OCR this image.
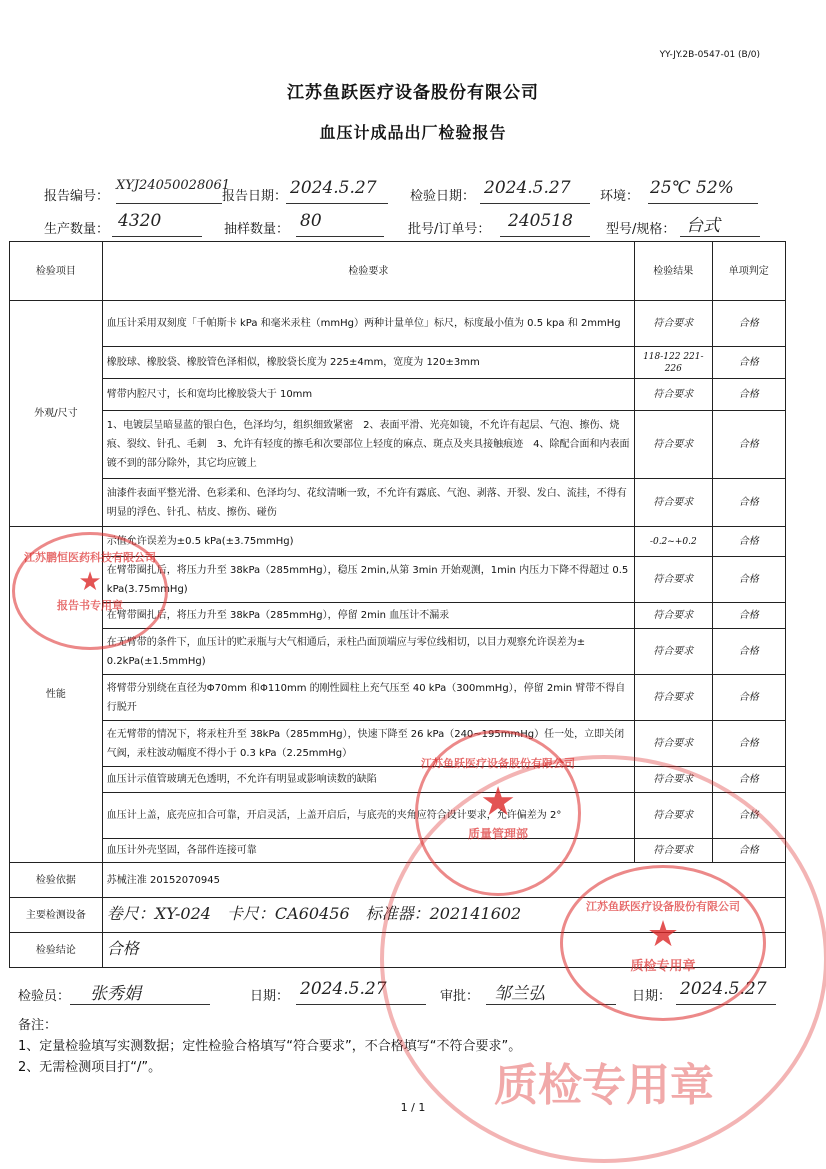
YY-JY.2B-0547-01 (B/0)
江苏鱼跃医疗设备股份有限公司
血压计成品出厂检验报告
报告编号：
XYJ24050028061
报告日期： 2024.5.27	检验日期： 2024.5.27 环境： 25℃ 52%
生产数量： 4320	抽样数量： 80	批号/订单号： 240518	型号/规格： 台式
检验项目	检验要求	检验结果	单项判定
外观/尺寸	血压计采用双刻度「千帕斯卡 kPa 和毫米汞柱（mmHg）两种计量单位」标尺，标度最小值为 0.5 kpa 和 2mmHg	符合要求	合格
	橡胶球、橡胶袋、橡胶管色泽相似，橡胶袋长度为 225±4mm，宽度为 120±3mm	118-122 221-226	合格
	臂带内腔尺寸，长和宽均比橡胶袋大于 10mm	符合要求	合格
	1、电镀层呈暗显蓝的银白色，色泽均匀，组织细致紧密　2、表面平滑、光亮如镜，不允许有起层、气泡、擦伤、烧痕、裂纹、针孔、毛刺　3、允许有轻度的擦毛和次要部位上轻度的麻点、斑点及夹具接触痕迹　4、除配合面和内表面镀不到的部分除外，其它均应镀上	符合要求	合格
	油漆件表面平整光滑、色彩柔和、色泽均匀、花纹清晰一致，不允许有露底、气泡、剥落、开裂、发白、流挂，不得有明显的浮色、针孔、桔皮、擦伤、碰伤	符合要求	合格
性能	示值允许误差为±0.5 kPa(±3.75mmHg)	-0.2~+0.2	合格
	在臂带圈扎后，将压力升至 38kPa（285mmHg），稳压 2min,从第 3min 开始观测，1min 内压力下降不得超过 0.5 kPa(3.75mmHg)	符合要求	合格
	在臂带圈扎后，将压力升至 38kPa（285mmHg），停留 2min 血压计不漏汞	符合要求	合格
	在无臂带的条件下，血压计的贮汞瓶与大气相通后，汞柱凸面顶端应与零位线相切，以目力观察允许误差为± 0.2kPa(±1.5mmHg)	符合要求	合格
	将臂带分别绕在直径为Φ70mm 和Φ110mm 的刚性圆柱上充气压至 40 kPa（300mmHg），停留 2min 臂带不得自行脱开	符合要求	合格
	在无臂带的情况下，将汞柱升至 38kPa（285mmHg），快速下降至 26 kPa（240~195mmHg）任一处，立即关闭气阀，汞柱波动幅度不得小于 0.3 kPa（2.25mmHg）	符合要求	合格
	血压计示值管玻璃无色透明，不允许有明显或影响读数的缺陷	符合要求	合格
	血压计上盖，底壳应扣合可靠，开启灵活，上盖开启后，与底壳的夹角应符合设计要求，允许偏差为 2°	符合要求	合格
	血压计外壳坚固，各部件连接可靠	符合要求	合格
检验依据	苏械注准 20152070945		
主要检测设备	卷尺：XY-024　卡尺：CA60456　标准器：202141602		
检验结论	合格		
检验员： 张秀娟	日期： 2024.5.27	审批： 邹兰弘	日期： 2024.5.27
备注：
1、定量检验填写实测数据；定性检验合格填写“符合要求”，不合格填写“不符合要求”。
2、无需检测项目打“/”。
1 / 1
江苏鹏恒医药科技有限公司
★
报告书专用章
江苏鱼跃医疗设备股份有限公司
★
质量管理部
江苏鱼跃医疗设备股份有限公司
★
质检专用章
质检专用章
